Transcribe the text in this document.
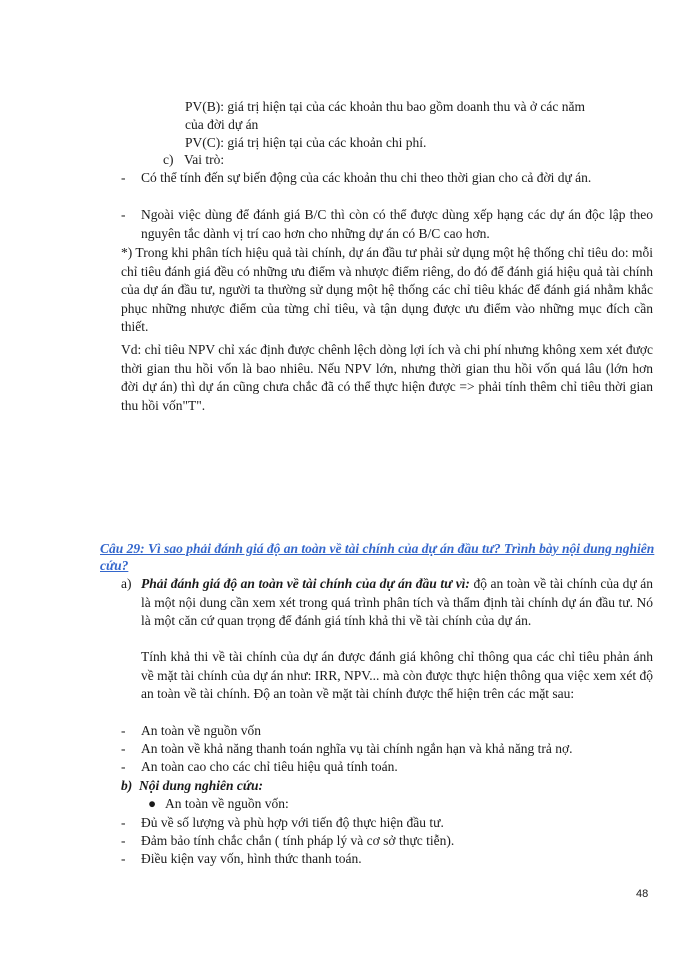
PV(B): giá trị hiện tại của các khoản thu bao gồm doanh thu và ở các năm

của đời dự án

PV(C): giá trị hiện tại của các khoản chi phí.

c) Vai trò:
- Có thể tính đến sự biến động của các khoản thu chi theo thời gian cho cả đời dự án.

- Ngoài việc dùng để đánh giá B/C thì còn có thể được dùng xếp hạng các dự án độc lập theo nguyên tắc dành vị trí cao hơn cho những dự án có B/C cao hơn.

*) Trong khi phân tích hiệu quả tài chính, dự án đầu tư phải sử dụng một hệ thống chỉ tiêu do: mỗi chỉ tiêu đánh giá đều có những ưu điểm và nhược điểm riêng, do đó để đánh giá hiệu quả tài chính của dự án đầu tư, người ta thường sử dụng một hệ thống các chỉ tiêu khác để đánh giá nhằm khắc phục những nhược điểm của từng chỉ tiêu, và tận dụng được ưu điểm vào những mục đích cần thiết.

Vd: chỉ tiêu NPV chỉ xác định được chênh lệch dòng lợi ích và chi phí nhưng không xem xét được thời gian thu hồi vốn là bao nhiêu. Nếu NPV lớn, nhưng thời gian thu hồi vốn quá lâu (lớn hơn đời dự án) thì dự án cũng chưa chắc đã có thể thực hiện được => phải tính thêm chỉ tiêu thời gian thu hồi vốn"T".

Câu 29: Vì sao phải đánh giá độ an toàn về tài chính của dự án đầu tư? Trình bày nội dung nghiên cứu?
a) Phải đánh giá độ an toàn về tài chính của dự án đầu tư vì: độ an toàn về tài chính của dự án là một nội dung cần xem xét trong quá trình phân tích và thẩm định tài chính dự án đầu tư. Nó là một căn cứ quan trọng để đánh giá tính khả thi về tài chính của dự án.

Tính khả thi về tài chính của dự án được đánh giá không chỉ thông qua các chỉ tiêu phản ánh về mặt tài chính của dự án như: IRR, NPV... mà còn được thực hiện thông qua việc xem xét độ an toàn về tài chính. Độ an toàn về mặt tài chính được thể hiện trên các mặt sau:

- An toàn về nguồn vốn

- An toàn về khả năng thanh toán nghĩa vụ tài chính ngắn hạn và khả năng trả nợ.

- An toàn cao cho các chỉ tiêu hiệu quả tính toán.

b)  Nội dung nghiên cứu:

● An toàn về nguồn vốn:

- Đủ về số lượng và phù hợp với tiến độ thực hiện đầu tư.

- Đảm bảo tính chắc chắn ( tính pháp lý và cơ sở thực tiễn).

- Điều kiện vay vốn, hình thức thanh toán.

48
